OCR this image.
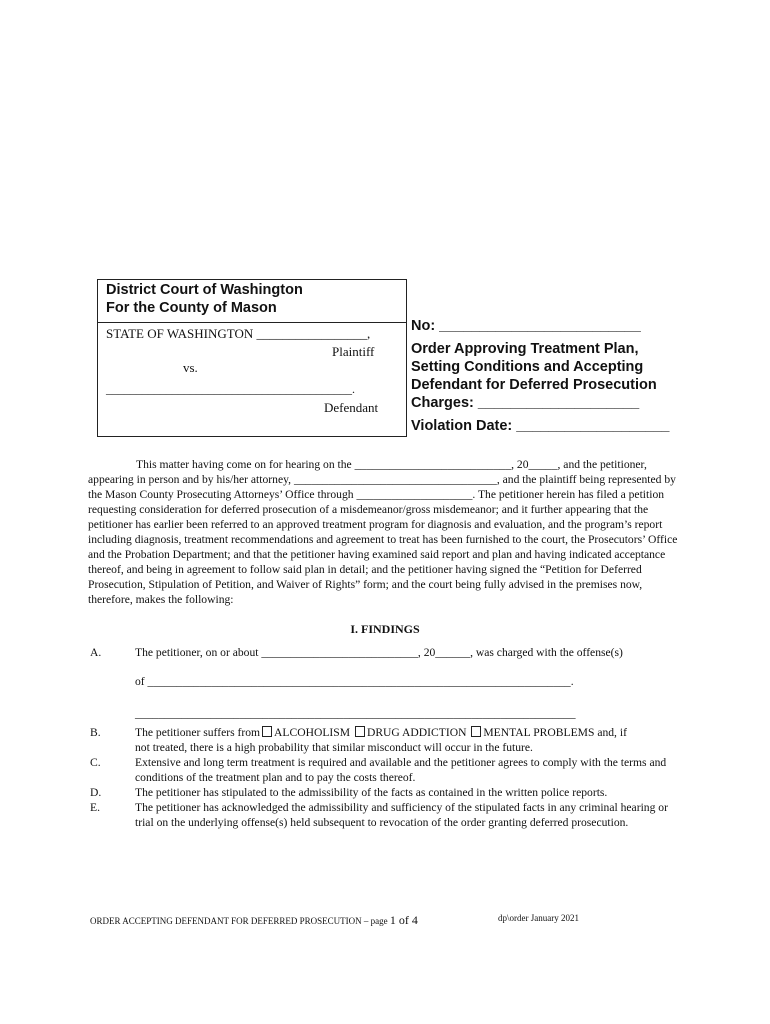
District Court of Washington
For the County of Mason
STATE OF WASHINGTON _________________,
Plaintiff
vs.
_________________________________________.
Defendant
No: _________________________
Order Approving Treatment Plan,
Setting Conditions and Accepting
Defendant for Deferred Prosecution
Charges: ____________________
Violation Date: ___________________

This matter having come on for hearing on the ___________________________, 20_____, and the petitioner, appearing in person and by his/her attorney, ___________________________________, and the plaintiff being represented by the Mason County Prosecuting Attorneys’ Office through ____________________. The petitioner herein has filed a petition requesting consideration for deferred prosecution of a misdemeanor/gross misdemeanor; and it further appearing that the petitioner has earlier been referred to an approved treatment program for diagnosis and evaluation, and the program’s report including diagnosis, treatment recommendations and agreement to treat has been furnished to the court, the Prosecutors’ Office and the Probation Department; and that the petitioner having examined said report and plan and having indicated acceptance thereof, and being in agreement to follow said plan in detail; and the petitioner having signed the “Petition for Deferred Prosecution, Stipulation of Petition, and Waiver of Rights” form; and the court being fully advised in the premises now, therefore, makes the following:

I. FINDINGS
A.	The petitioner, on or about ___________________________, 20______, was charged with the offense(s)
of _________________________________________________________________________.
____________________________________________________________________________
B.	The petitioner suffers from ALCOHOLISM DRUG ADDICTION MENTAL PROBLEMS and, if
not treated, there is a high probability that similar misconduct will occur in the future.
C.	Extensive and long term treatment is required and available and the petitioner agrees to comply with the terms and conditions of the treatment plan and to pay the costs thereof.
D.	The petitioner has stipulated to the admissibility of the facts as contained in the written police reports.
E.	The petitioner has acknowledged the admissibility and sufficiency of the stipulated facts in any criminal hearing or trial on the underlying offense(s) held subsequent to revocation of the order granting deferred prosecution.
ORDER ACCEPTING DEFENDANT FOR DEFERRED PROSECUTION – page 1 of 4	dp\order January 2021
